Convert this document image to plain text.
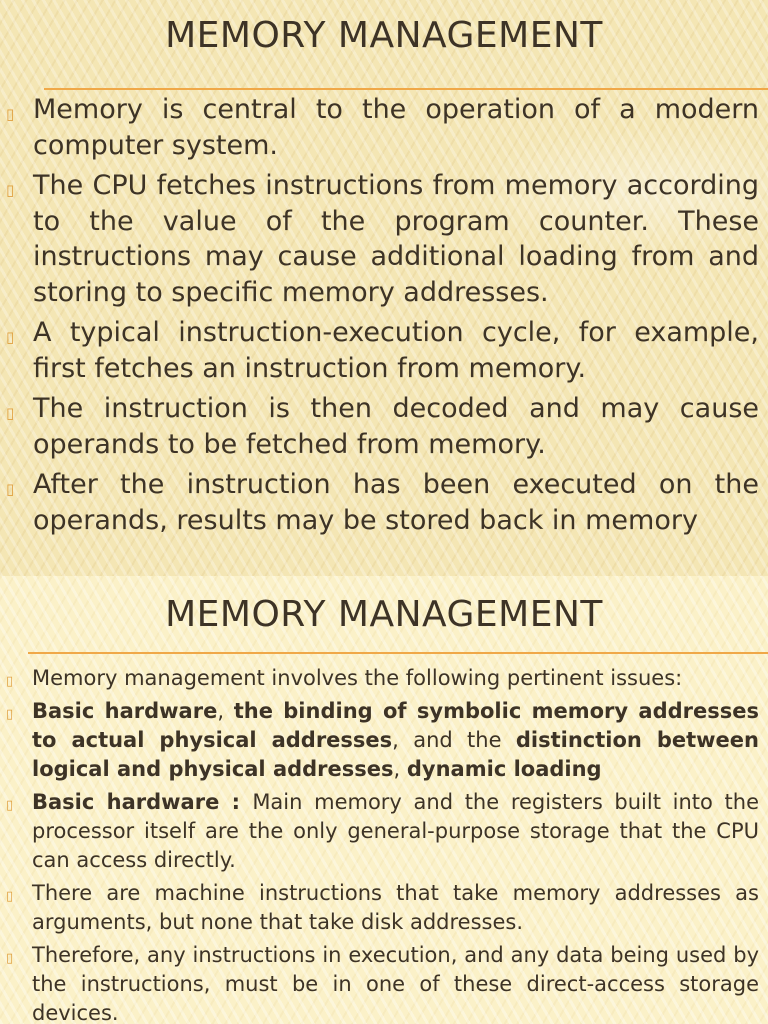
MEMORY MANAGEMENT
▯ Memory is central to the operation of a modern computer system.
▯ The CPU fetches instructions from memory according to the value of the program counter. These instructions may cause additional loading from and storing to specific memory addresses.
▯ A typical instruction-execution cycle, for example, first fetches an instruction from memory.
▯ The instruction is then decoded and may cause operands to be fetched from memory.
▯ After the instruction has been executed on the operands, results may be stored back in memory
MEMORY MANAGEMENT
▯ Memory management involves the following pertinent issues:
▯ Basic hardware, the binding of symbolic memory addresses to actual physical addresses, and the distinction between logical and physical addresses, dynamic loading
▯ Basic hardware : Main memory and the registers built into the processor itself are the only general-purpose storage that the CPU can access directly.
▯ There are machine instructions that take memory addresses as arguments, but none that take disk addresses.
▯ Therefore, any instructions in execution, and any data being used by the instructions, must be in one of these direct-access storage devices.
